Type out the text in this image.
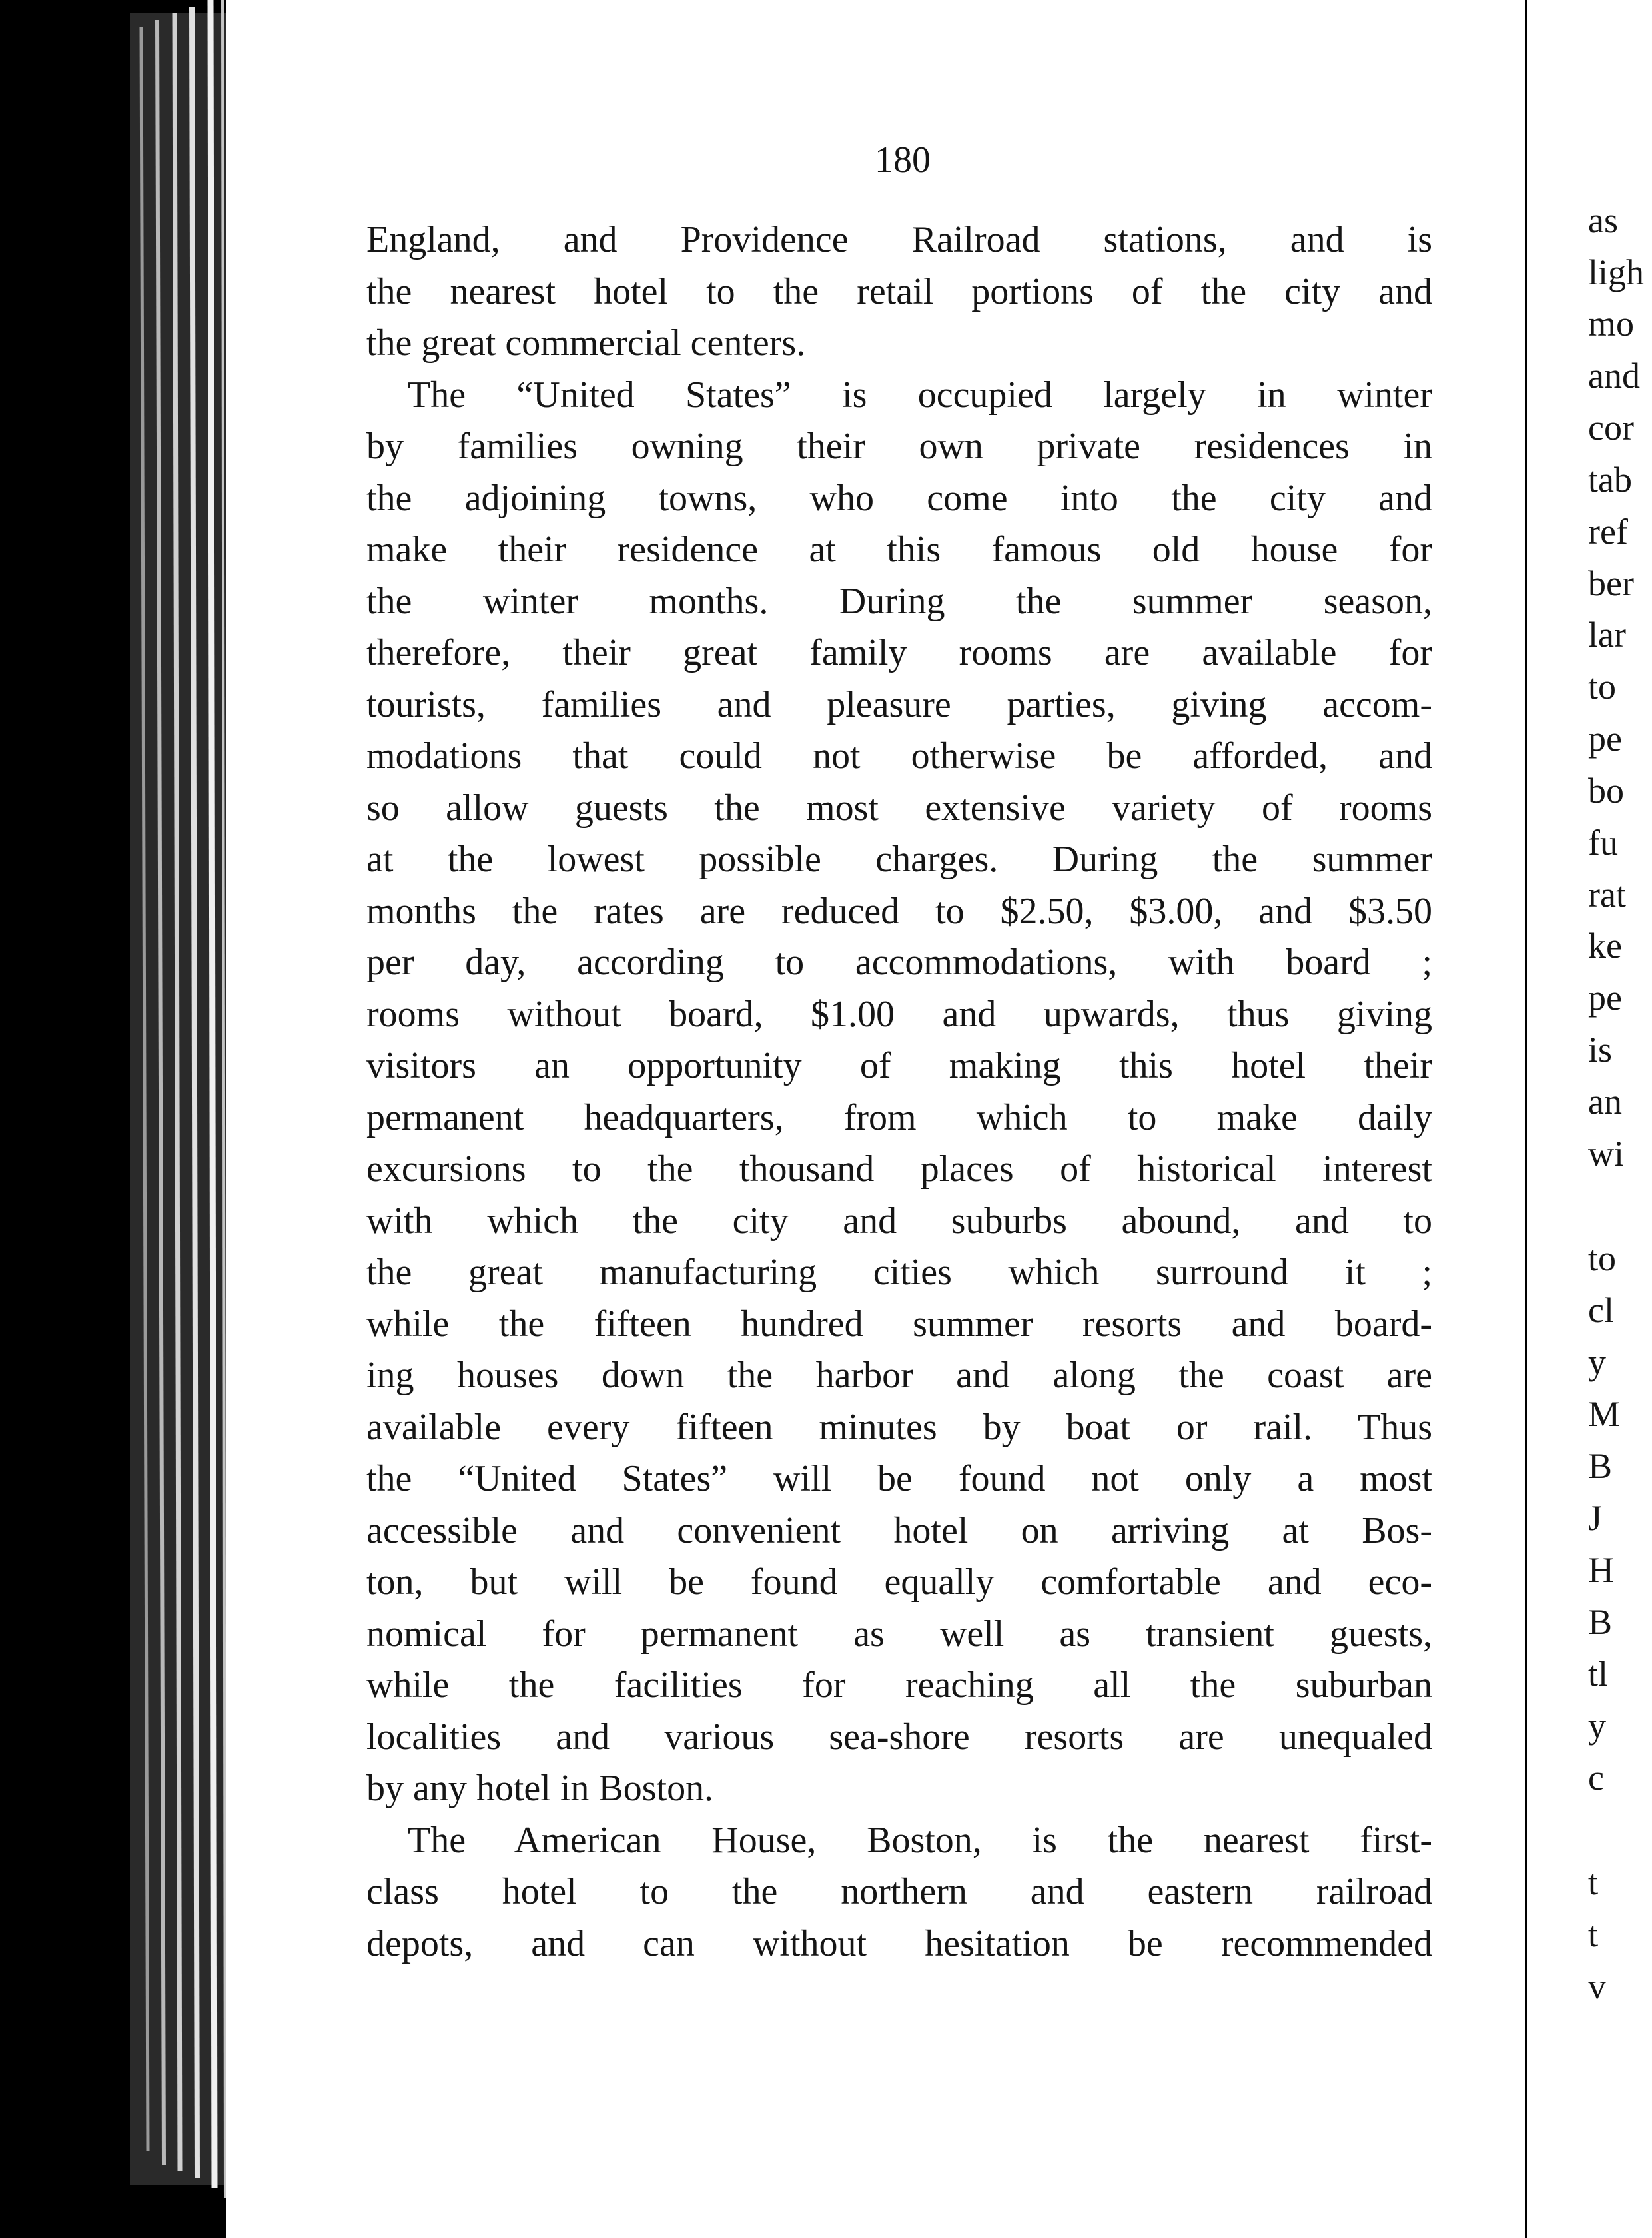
180
England, and Providence Railroad stations, and is
the nearest hotel to the retail portions of the city and
the great commercial centers.
The “United States” is occupied largely in winter
by families owning their own private residences in
the adjoining towns, who come into the city and
make their residence at this famous old house for
the winter months. During the summer season,
therefore, their great family rooms are available for
tourists, families and pleasure parties, giving accom-
modations that could not otherwise be afforded, and
so allow guests the most extensive variety of rooms
at the lowest possible charges. During the summer
months the rates are reduced to $2.50, $3.00, and $3.50
per day, according to accommodations, with board ;
rooms without board, $1.00 and upwards, thus giving
visitors an opportunity of making this hotel their
permanent headquarters, from which to make daily
excursions to the thousand places of historical interest
with which the city and suburbs abound, and to
the great manufacturing cities which surround it ;
while the fifteen hundred summer resorts and board-
ing houses down the harbor and along the coast are
available every fifteen minutes by boat or rail. Thus
the “United States” will be found not only a most
accessible and convenient hotel on arriving at Bos-
ton, but will be found equally comfortable and eco-
nomical for permanent as well as transient guests,
while the facilities for reaching all the suburban
localities and various sea-shore resorts are unequaled
by any hotel in Boston.
The American House, Boston, is the nearest first-
class hotel to the northern and eastern railroad
depots, and can without hesitation be recommended
as
ligh
mo
and
cor
tab
ref
ber
lar
to
pe
bo
fu
rat
ke
pe
is
an
wi
to
cl
y
M
B
J
H
B
tl
y
c
t
t
v
